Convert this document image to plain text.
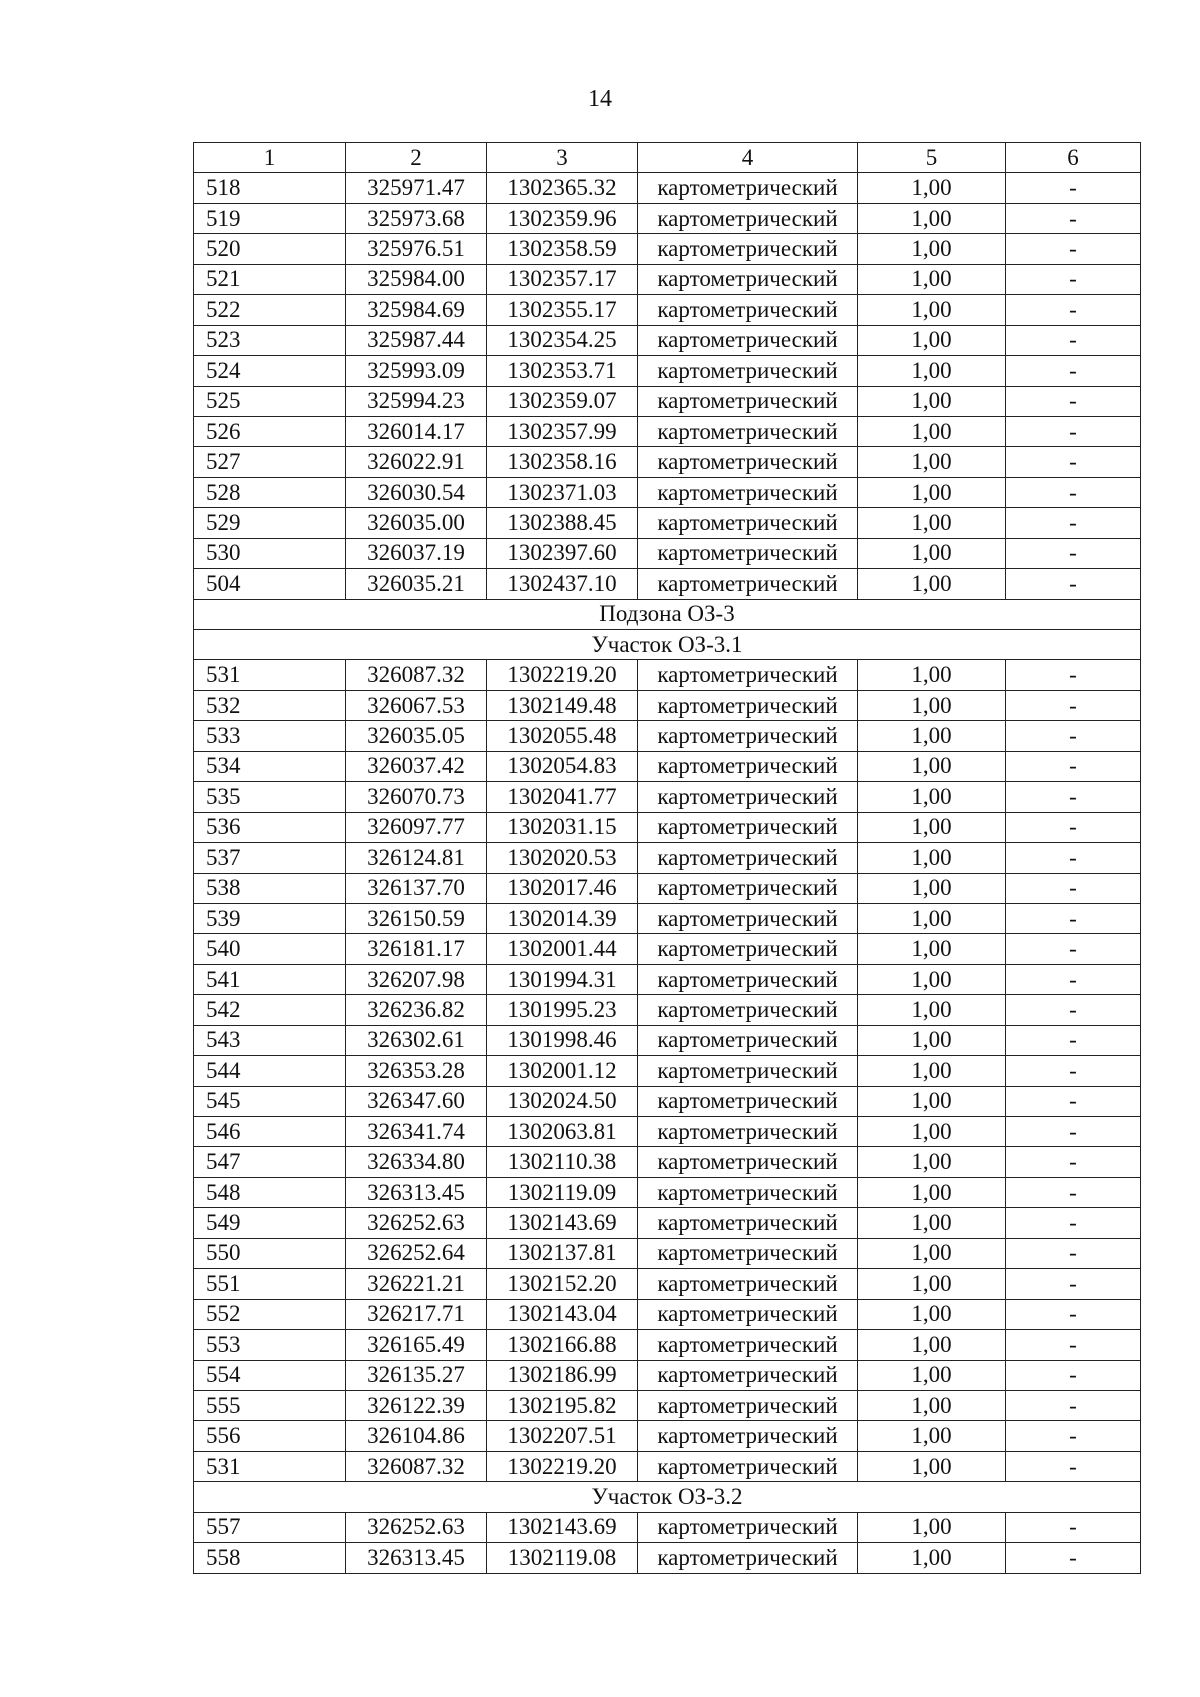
14
1	2	3	4	5	6
518	325971.47	1302365.32	картометрический	1,00	-
519	325973.68	1302359.96	картометрический	1,00	-
520	325976.51	1302358.59	картометрический	1,00	-
521	325984.00	1302357.17	картометрический	1,00	-
522	325984.69	1302355.17	картометрический	1,00	-
523	325987.44	1302354.25	картометрический	1,00	-
524	325993.09	1302353.71	картометрический	1,00	-
525	325994.23	1302359.07	картометрический	1,00	-
526	326014.17	1302357.99	картометрический	1,00	-
527	326022.91	1302358.16	картометрический	1,00	-
528	326030.54	1302371.03	картометрический	1,00	-
529	326035.00	1302388.45	картометрический	1,00	-
530	326037.19	1302397.60	картометрический	1,00	-
504	326035.21	1302437.10	картометрический	1,00	-
Подзона ОЗ-3					
Участок ОЗ-3.1					
531	326087.32	1302219.20	картометрический	1,00	-
532	326067.53	1302149.48	картометрический	1,00	-
533	326035.05	1302055.48	картометрический	1,00	-
534	326037.42	1302054.83	картометрический	1,00	-
535	326070.73	1302041.77	картометрический	1,00	-
536	326097.77	1302031.15	картометрический	1,00	-
537	326124.81	1302020.53	картометрический	1,00	-
538	326137.70	1302017.46	картометрический	1,00	-
539	326150.59	1302014.39	картометрический	1,00	-
540	326181.17	1302001.44	картометрический	1,00	-
541	326207.98	1301994.31	картометрический	1,00	-
542	326236.82	1301995.23	картометрический	1,00	-
543	326302.61	1301998.46	картометрический	1,00	-
544	326353.28	1302001.12	картометрический	1,00	-
545	326347.60	1302024.50	картометрический	1,00	-
546	326341.74	1302063.81	картометрический	1,00	-
547	326334.80	1302110.38	картометрический	1,00	-
548	326313.45	1302119.09	картометрический	1,00	-
549	326252.63	1302143.69	картометрический	1,00	-
550	326252.64	1302137.81	картометрический	1,00	-
551	326221.21	1302152.20	картометрический	1,00	-
552	326217.71	1302143.04	картометрический	1,00	-
553	326165.49	1302166.88	картометрический	1,00	-
554	326135.27	1302186.99	картометрический	1,00	-
555	326122.39	1302195.82	картометрический	1,00	-
556	326104.86	1302207.51	картометрический	1,00	-
531	326087.32	1302219.20	картометрический	1,00	-
Участок ОЗ-3.2					
557	326252.63	1302143.69	картометрический	1,00	-
558	326313.45	1302119.08	картометрический	1,00	-
